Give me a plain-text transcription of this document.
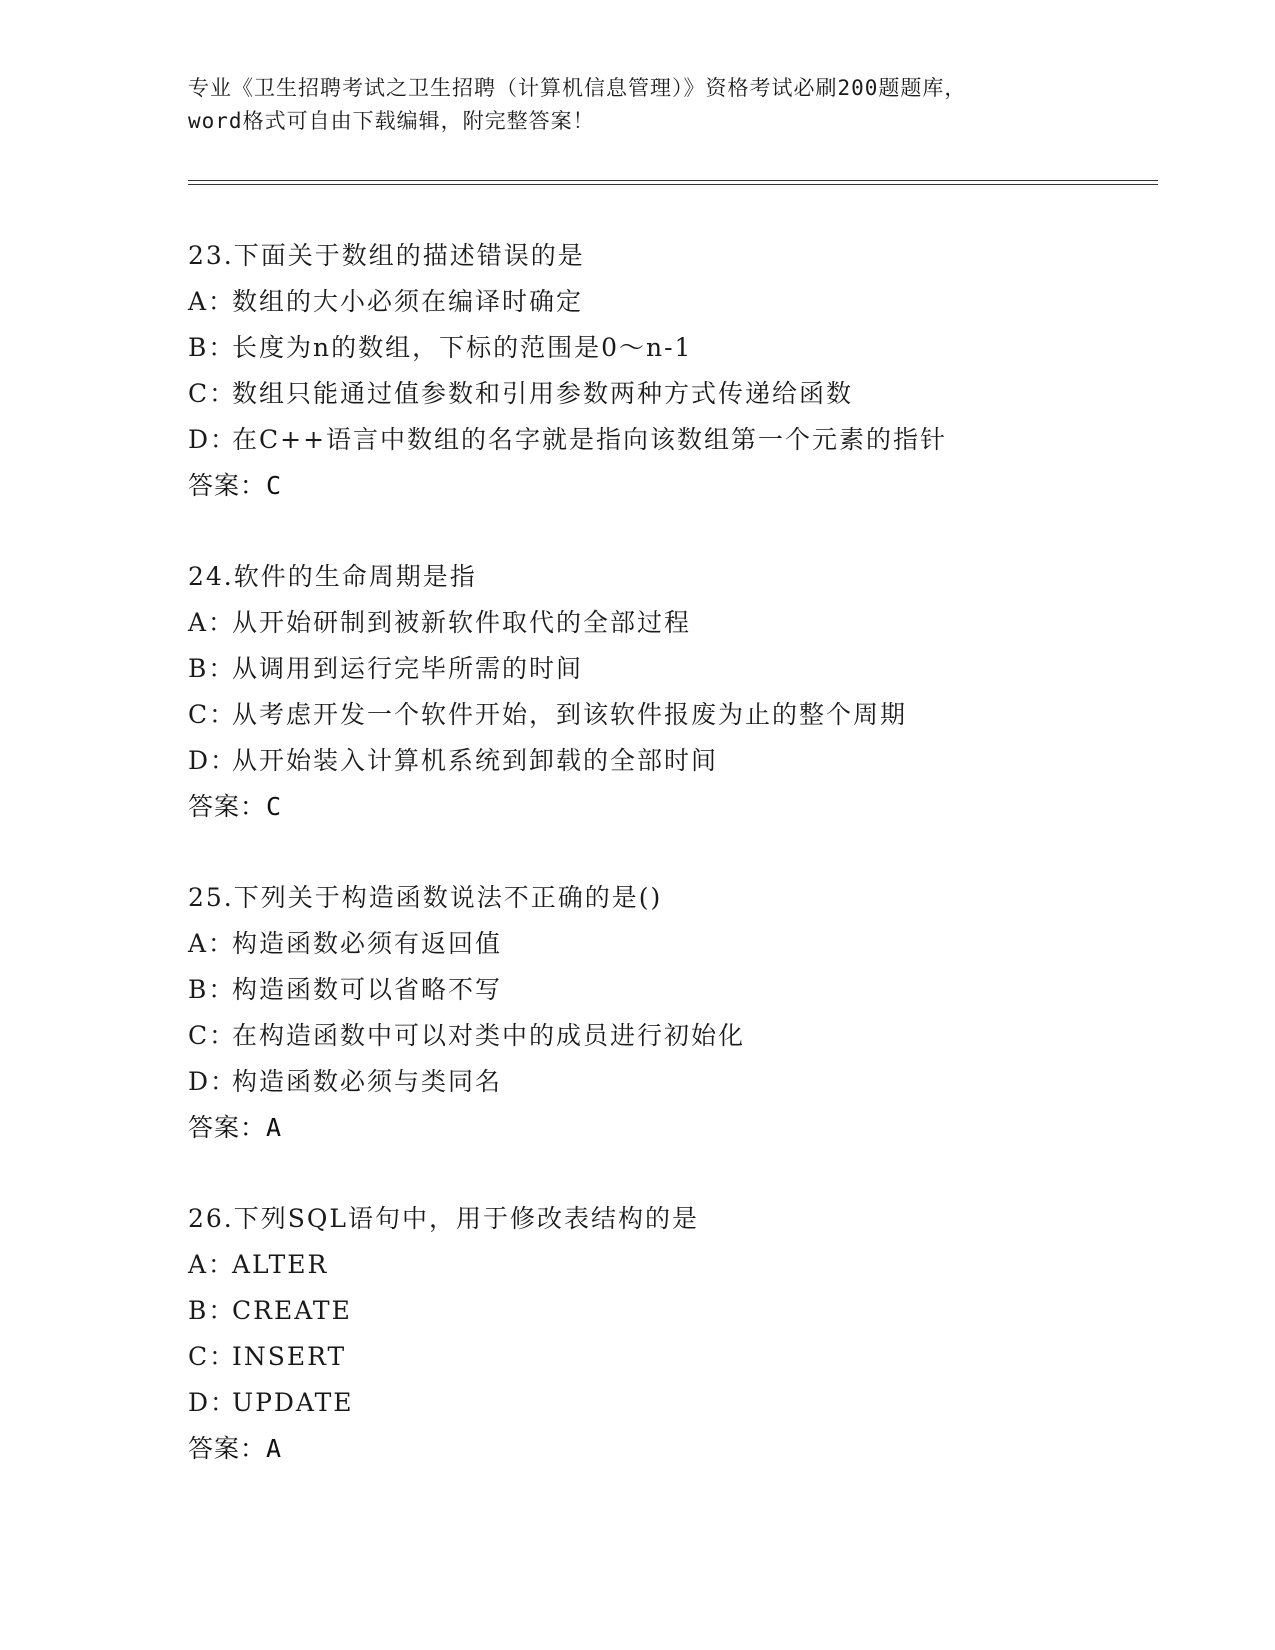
专业《卫生招聘考试之卫生招聘（计算机信息管理）》资格考试必刷200题题库，
word格式可自由下载编辑，附完整答案！
23.下面关于数组的描述错误的是
A：数组的大小必须在编译时确定
B：长度为n的数组，下标的范围是0～n-1
C：数组只能通过值参数和引用参数两种方式传递给函数
D：在C++语言中数组的名字就是指向该数组第一个元素的指针
答案：C
24.软件的生命周期是指
A：从开始研制到被新软件取代的全部过程
B：从调用到运行完毕所需的时间
C：从考虑开发一个软件开始，到该软件报废为止的整个周期
D：从开始装入计算机系统到卸载的全部时间
答案：C
25.下列关于构造函数说法不正确的是()
A：构造函数必须有返回值
B：构造函数可以省略不写
C：在构造函数中可以对类中的成员进行初始化
D：构造函数必须与类同名
答案：A
26.下列SQL语句中，用于修改表结构的是
A：ALTER
B：CREATE
C：INSERT
D：UPDATE
答案：A
